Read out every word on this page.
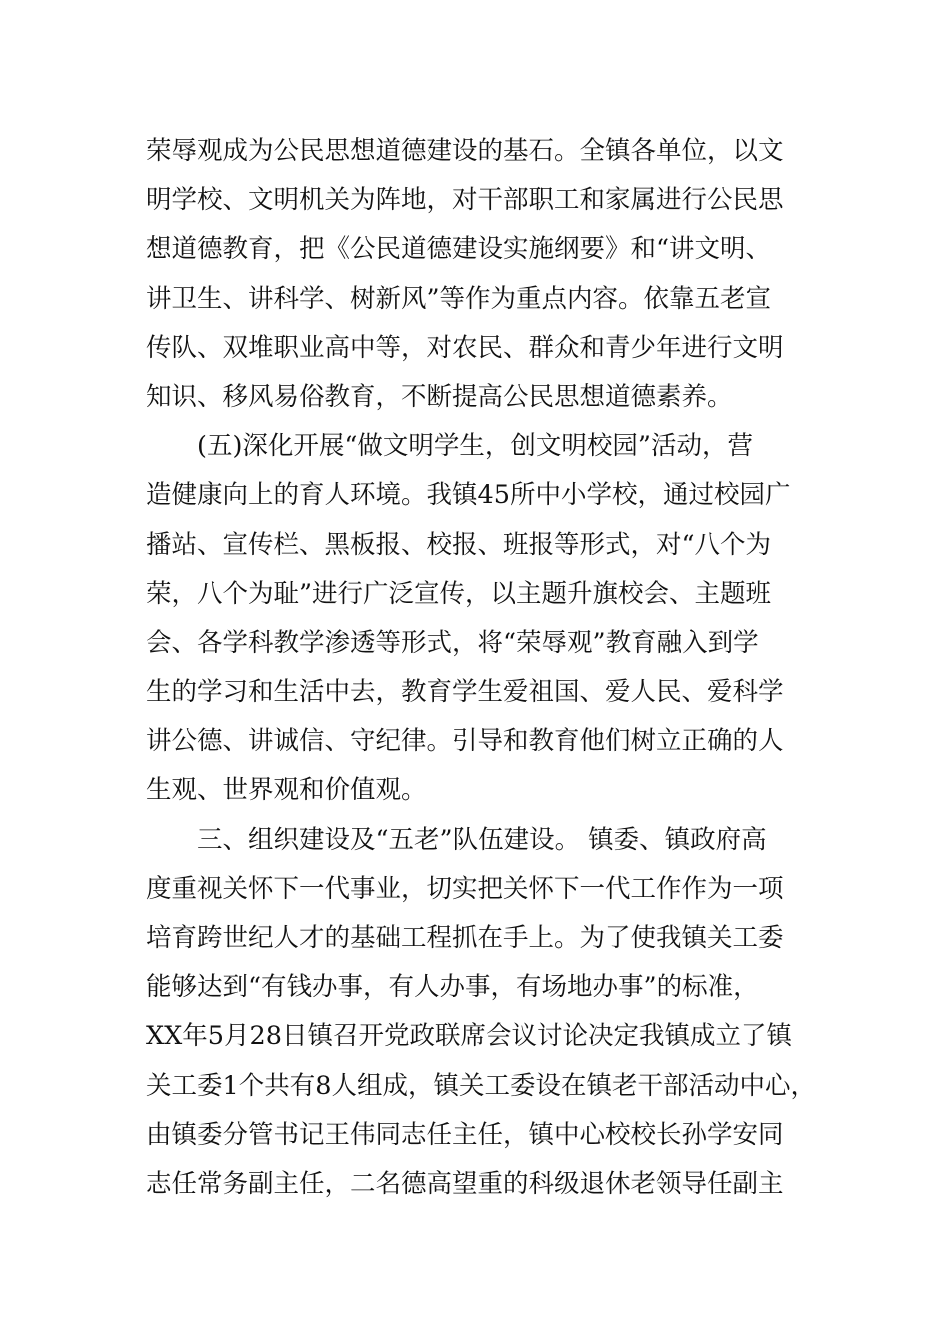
荣辱观成为公民思想道德建设的基石。全镇各单位，以文
明学校、文明机关为阵地，对干部职工和家属进行公民思
想道德教育，把《公民道德建设实施纲要》和“讲文明、
讲卫生、讲科学、树新风”等作为重点内容。依靠五老宣
传队、双堆职业高中等，对农民、群众和青少年进行文明
知识、移风易俗教育，不断提高公民思想道德素养。
(五)深化开展“做文明学生，创文明校园”活动，营
造健康向上的育人环境。我镇45所中小学校，通过校园广
播站、宣传栏、黑板报、校报、班报等形式，对“八个为
荣，八个为耻”进行广泛宣传，以主题升旗校会、主题班
会、各学科教学渗透等形式，将“荣辱观”教育融入到学
生的学习和生活中去，教育学生爱祖国、爱人民、爱科学
讲公德、讲诚信、守纪律。引导和教育他们树立正确的人
生观、世界观和价值观。
三、组织建设及“五老”队伍建设。 镇委、镇政府高
度重视关怀下一代事业，切实把关怀下一代工作作为一项
培育跨世纪人才的基础工程抓在手上。为了使我镇关工委
能够达到“有钱办事，有人办事，有场地办事”的标准，
XX年5月28日镇召开党政联席会议讨论决定我镇成立了镇
关工委1个共有8人组成，镇关工委设在镇老干部活动中心，
由镇委分管书记王伟同志任主任，镇中心校校长孙学安同
志任常务副主任，二名德高望重的科级退休老领导任副主
